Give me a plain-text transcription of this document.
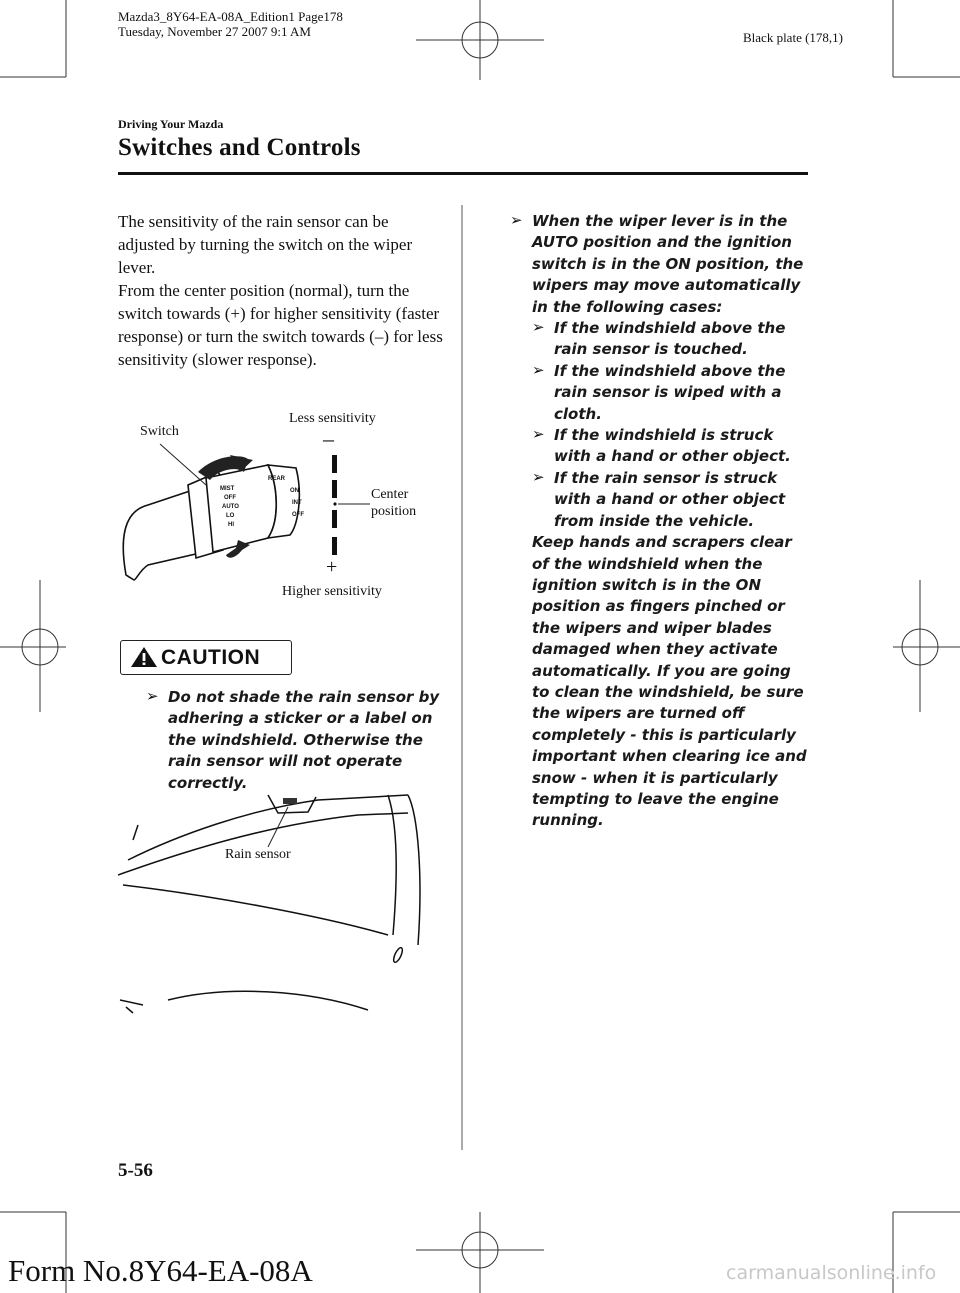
Mazda3_8Y64-EA-08A_Edition1 Page178
Tuesday, November 27 2007 9:1 AM	Black plate (178,1)
Driving Your Mazda
Switches and Controls
The sensitivity of the rain sensor can be adjusted by turning the switch on the wiper lever.
From the center position (normal), turn the switch towards (+) for higher sensitivity (faster response) or turn the switch towards (–) for less sensitivity (slower response).
MIST
OFF
AUTO
LO
HI
ON
INT
OFF
REAR
Switch
Less sensitivity
–
Center
position
+
Higher sensitivity
CAUTION
➢ Do not shade the rain sensor by adhering a sticker or a label on the windshield. Otherwise the rain sensor will not operate correctly.
Rain sensor
➢ When the wiper lever is in the AUTO position and the ignition switch is in the ON position, the wipers may move automatically in the following cases:
➢ If the windshield above the rain sensor is touched.
➢ If the windshield above the rain sensor is wiped with a cloth.
➢ If the windshield is struck with a hand or other object.
➢ If the rain sensor is struck with a hand or other object from inside the vehicle.
Keep hands and scrapers clear of the windshield when the ignition switch is in the ON position as fingers pinched or the wipers and wiper blades damaged when they activate automatically. If you are going to clean the windshield, be sure the wipers are turned off completely - this is particularly important when clearing ice and snow - when it is particularly tempting to leave the engine running.
5-56
Form No.8Y64-EA-08A	carmanualsonline.info
